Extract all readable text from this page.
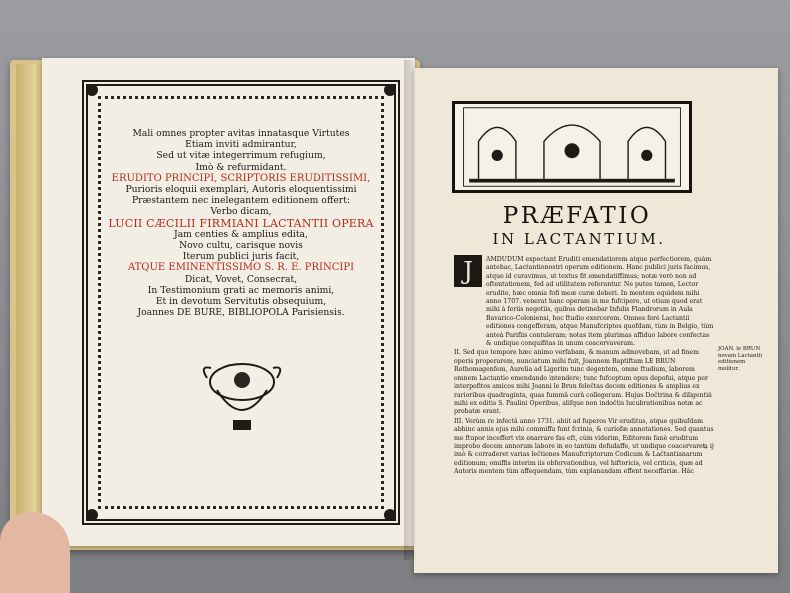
Mali omnes propter avitas innatasque Virtutes
Etiam inviti admirantur,
Sed ut vitæ integerrimum refugium,
Imò & refurmidant.
ERUDITO PRINCIPI, SCRIPTORIS ERUDITISSIMI,
Purioris eloquii exemplari, Autoris eloquentissimi
Præstantem nec inelegantem editionem offert:
Verbo dicam,
LUCII CÆCILII FIRMIANI LACTANTII OPERA
Jam centies & amplius edita,
Novo cultu, carisque novis
Iterum publici juris facit,
ATQUE EMINENTISSIMO S. R. E. PRINCIPI
Dicat, Vovet, Consecrat,
In Testimonium grati ac memoris animi,
Et in devotum Servitutis obsequium,
Joannes DE BURE, BIBLIOPOLA Parisiensis.
PRÆFATIO
IN LACTANTIUM.
J	AMDUDUM expectant Eruditi emendatiorem atque perfectiorem, quàm antehac, Lactantionostri operum editionem. Hanc publici juris facimus, atque id curavimus, ut textus fit emendatiffimus; notæ verò non ad oftentationem, fed ad utilitatem referantur. Ne putes tamen, Lector erudite, hæc omnia fofi meæ curæ deberi. In mentem equidem mihi anno 1707. venerat hanc operam in me fufcipere, ut otium quod erat mihi à feriis negotiis, quibus detinebar Infulis Flandrorum in Aula Bavarico-Coloniensi, hoc ftudio exercerem. Omnes ferè Lactantii editiones congefferam, atque Manufcriptos quofdam, tùm in Belgio, tùm anteà Parifiis contuleram; notas item plurimas affiduo labore confectas & undique conquifitas in unum coacervaveram.

II. Sed quo tempore hæc animo verfabam, & manum admovebam, ut ad finem operis properarem, nunciatum mihi fuit, Joannem Baptiftam LE BRUN Rothomagenfem, Aurelia ad Ligerim tunc degentem, omne ftudium, laborem omnem Lactantio emendando intendere; tunc fufceptum opus depofui, atque per interpofitos amicos mihi Joanni le Brun feleĉtas decem editiones & amplius ex rarioribus quadraginta, quas fummâ curâ collegeram. Hujus Doĉtrina & diligentiâ mihi ex editis S. Paulini Operibus, alifque non indoĉtis lucubrationibus notæ ac probatæ erant.

III. Verùm re infectâ anno 1731. abiit ad fuperos Vir eruditus, atque quibufdam abhinc annis ejus mihi commiffa funt fcrinia, & curiofæ annotationes. Sed quantus me ftupor inceffert vix enarrare fas eft, cùm viderim, Editorem fanè eruditum improbo decem annorum labore in eo tantùm defudaffe, ut undique coacervaret, imò & corraderet varias leĉtiones Manufcriptorum Codicum & Laĉtantianarum editionum; omiffis interim iis obfervationibus, vel hiftoricis, vel criticis, quæ ad Autoris mentem tùm affequendam, tùm explanandam effent neceffariæ. Hâc

JOAN. le BRUN novam Lactantii editionem molitur.
a ij
